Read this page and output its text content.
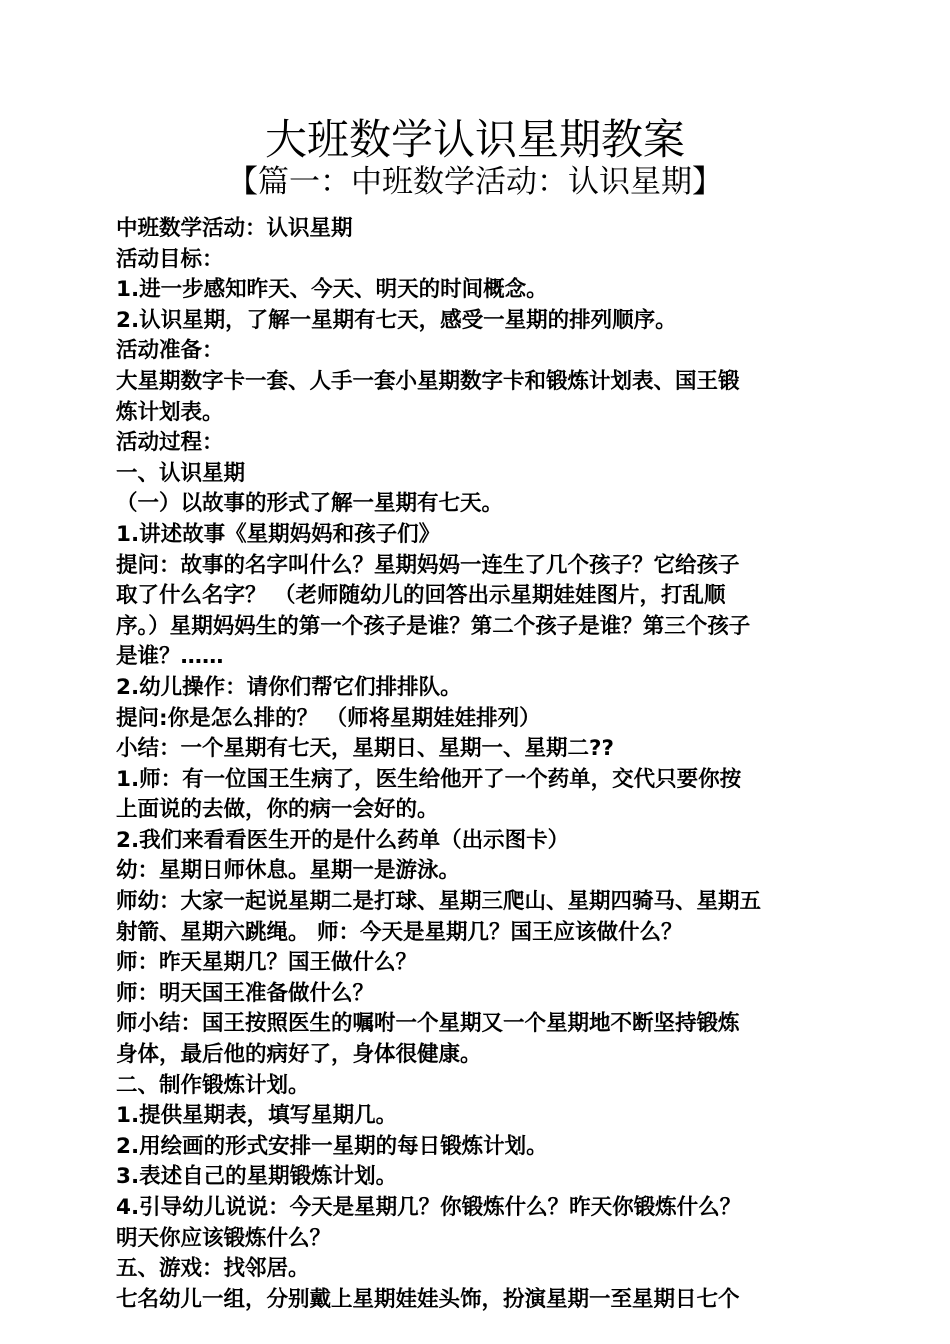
大班数学认识星期教案
【篇一：中班数学活动：认识星期】
中班数学活动：认识星期
活动目标：
1.进一步感知昨天、今天、明天的时间概念。
2.认识星期，了解一星期有七天，感受一星期的排列顺序。
活动准备：
大星期数字卡一套、人手一套小星期数字卡和锻炼计划表、国王锻
炼计划表。
活动过程：
一、认识星期
（一）以故事的形式了解一星期有七天。
1.讲述故事《星期妈妈和孩子们》
提问：故事的名字叫什么？星期妈妈一连生了几个孩子？它给孩子
取了什么名字？ （老师随幼儿的回答出示星期娃娃图片，打乱顺
序。）星期妈妈生的第一个孩子是谁？第二个孩子是谁？第三个孩子
是谁？……
2.幼儿操作：请你们帮它们排排队。
提问:你是怎么排的？ （师将星期娃娃排列）
小结：一个星期有七天，星期日、星期一、星期二??
1.师：有一位国王生病了，医生给他开了一个药单，交代只要你按
上面说的去做，你的病一会好的。
2.我们来看看医生开的是什么药单（出示图卡）
幼：星期日师休息。星期一是游泳。
师幼：大家一起说星期二是打球、星期三爬山、星期四骑马、星期五
射箭、星期六跳绳。 师：今天是星期几？国王应该做什么？
师：昨天星期几？国王做什么？
师：明天国王准备做什么？
师小结：国王按照医生的嘱咐一个星期又一个星期地不断坚持锻炼
身体，最后他的病好了，身体很健康。
二、制作锻炼计划。
1.提供星期表，填写星期几。
2.用绘画的形式安排一星期的每日锻炼计划。
3.表述自己的星期锻炼计划。
4.引导幼儿说说：今天是星期几？你锻炼什么？昨天你锻炼什么？
明天你应该锻炼什么？
五、游戏：找邻居。
七名幼儿一组，分别戴上星期娃娃头饰，扮演星期一至星期日七个
